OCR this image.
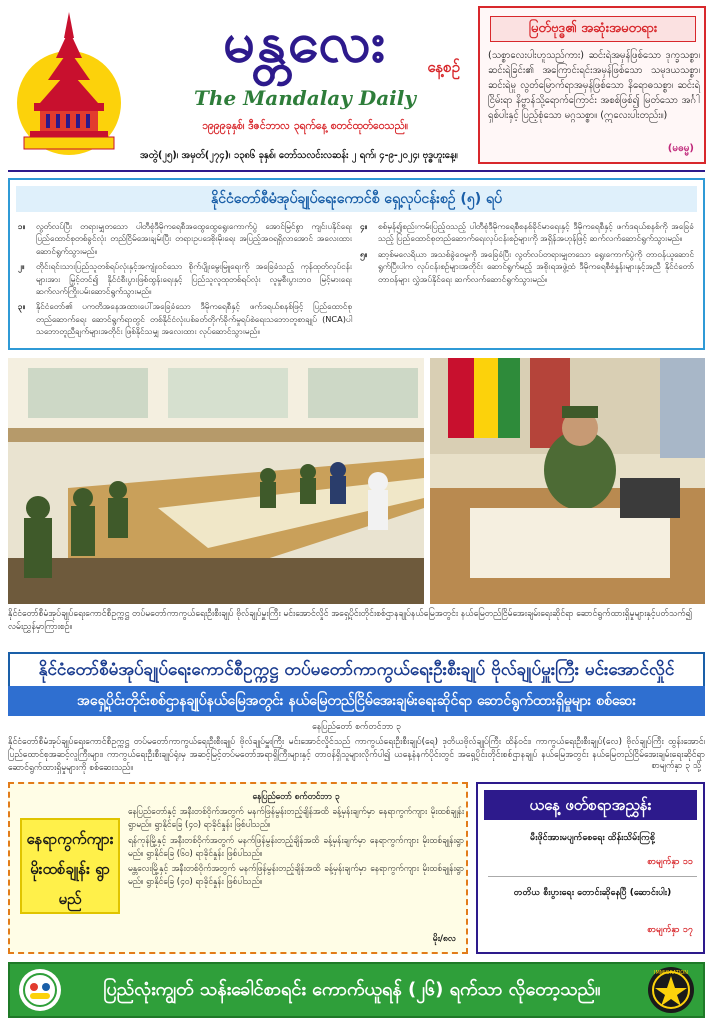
မန္တလေး	နေ့စဉ်
The Mandalay Daily
၁၉၉၉ခုနှစ်၊ ဒီဇင်ဘာလ ၃ရက်နေ့ စတင်ထုတ်ဝေသည်။
အတွဲ(၂၅)၊ အမှတ်(၂၇၄)၊ ၁၃၈၆ ခုနှစ်၊ တော်သလင်းလဆန်း ၂ ရက်၊ ၄-၉-၂၀၂၄၊ ဗုဒ္ဓဟူးနေ့။
မြတ်ဗုဒ္ဓ၏ အဆုံးအမတရား
(သစ္စာလေးပါးဟူသည်ကား) ဆင်းရဲအမှန်ဖြစ်သော ဒုက္ခသစ္စာ၊ ဆင်းရဲခြင်း၏ အကြောင်းရင်းအမှန်ဖြစ်သော သမုဒယသစ္စာ၊ ဆင်းရဲမှု လွတ်မြောက်ရာအမှန်ဖြစ်သော နိရောဓသစ္စာ၊ ဆင်းရဲငြိမ်းရာ နိဗ္ဗာန်သို့ရောက်ကြောင်း အစစ်ဖြစ်၍ မြတ်သော အင်္ဂါရှစ်ပါးနှင့် ပြည့်စုံသော မဂ္ဂသစ္စာ။ (ဣလေးပါးတည်း။)
(မဓမ္မ)
နိုင်ငံတော်စီမံအုပ်ချုပ်ရေးကောင်စီ ရှေ့လုပ်ငန်းစဉ် (၅) ရပ်
၁။	လွတ်လပ်ပြီး တရားမျှတသော ပါတီစုံဒီမိုကရေစီအထွေထွေရွေးကောက်ပွဲ အောင်မြင်စွာ ကျင်းပနိုင်ရေး ပြည်ထောင်စုတစ်ခွင်လုံး တည်ငြိမ်အေးချမ်းပြီး တရားဥပဒေစိုးမိုးရေး အပြည့်အဝရရှိလာအောင် အလေးထားဆောင်ရွက်သွားမည်။
၂။	တိုင်းရင်းသားပြည်သူတစ်ရပ်လုံးနှင့်အကျုံးဝင်သော စိုက်ပျိုးမွေးမြူရေးကို အခြေခံသည့် ကုန်ထုတ်လုပ်ငန်းများအား မြှင့်တင်၍ နိုင်ငံစီးပွားဖြစ်ထွန်းရေးနှင့် ပြည်သူလူထုတစ်ရပ်လုံး လူမှုစီးပွားဘဝ မြင့်မားရေး ဆက်လက်ကြိုးပမ်းဆောင်ရွက်သွားမည်။
၃။	နိုင်ငံတော်၏ ပကတိအနေအထားပေါ်အခြေခံသော ဒီမိုကရေစီနှင့် ဖက်ဒရယ်စနစ်ဖြင့် ပြည်ထောင်စုတည်ဆောက်ရေး ဆောင်ရွက်ရာတွင် တစ်နိုင်ငံလုံးပစ်ခတ်တိုက်ခိုက်မှုရပ်စဲရေးသဘောတူစာချုပ် (NCA)ပါ သဘောတူညီချက်များအတိုင်း ဖြစ်နိုင်သမျှ အလေးထား လုပ်ဆောင်သွားမည်။
၄။	စစ်မှန်၍စည်းကမ်းပြည့်ဝသည့် ပါတီစုံဒီမိုကရေစီစနစ်ခိုင်မာရေးနှင့် ဒီမိုကရေစီနှင့် ဖက်ဒရယ်စနစ်ကို အခြေခံသည့် ပြည်ထောင်စုတည်ဆောက်ရေးလုပ်ငန်းစဉ်များကို အရှိန်အဟုန်ဖြင့် ဆက်လက်ဆောင်ရွက်သွားမည်။
၅။	ဆာ့စ်မလေရိယာ အသစ်ခွဲဝေမှုကို အခြေခံပြီး လွတ်လပ်တရားမျှတသော ရွေးကောက်ပွဲကို တာဝန်ယူဆောင်ရွက်ပြီးပါက လုပ်ငန်းစဉ်များအတိုင်း ဆောင်ရွက်မည့် အစိုးရအဖွဲ့ထံ ဒီမိုကရေစီစံနှုန်းများနှင့်အညီ နိုင်ငံတော်တာဝန်များ လွှဲအပ်နိုင်ရေး ဆက်လက်ဆောင်ရွက်သွားမည်။
နိုင်ငံတော်စီမံအုပ်ချုပ်ရေးကောင်စီဥက္ကဋ္ဌ တပ်မတော်ကာကွယ်ရေးဦးစီးချုပ် ဗိုလ်ချုပ်မှူးကြီး မင်းအောင်လှိုင် အရှေ့ပိုင်းတိုင်းစစ်ဌာနချုပ်နယ်မြေအတွင်း နယ်မြေတည်ငြိမ်အေးချမ်းရေးဆိုင်ရာ ဆောင်ရွက်ထားရှိမှုများနှင့်ပတ်သက်၍ လမ်းညွှန်မှာကြားစဉ်။
နိုင်ငံတော်စီမံအုပ်ချုပ်ရေးကောင်စီဥက္ကဋ္ဌ တပ်မတော်ကာကွယ်ရေးဦးစီးချုပ် ဗိုလ်ချုပ်မှူးကြီး မင်းအောင်လှိုင်
အရှေ့ပိုင်းတိုင်းစစ်ဌာနချုပ်နယ်မြေအတွင်း နယ်မြေတည်ငြိမ်အေးချမ်းရေးဆိုင်ရာ ဆောင်ရွက်ထားရှိမှုများ စစ်ဆေး
နေပြည်တော် စက်တင်ဘာ ၃
နိုင်ငံတော်စီမံအုပ်ချုပ်ရေးကောင်စီဥက္ကဋ္ဌ တပ်မတော်ကာကွယ်ရေးဦးစီးချုပ် ဗိုလ်ချုပ်မှူးကြီး မင်းအောင်လှိုင်သည် ကာကွယ်ရေးဦးစီးချုပ်(ရေ) ဒုတိယဗိုလ်ချုပ်ကြီး ထိန်ဝင်း၊ ကာကွယ်ရေးဦးစီးချုပ်(လေ) ဗိုလ်ချုပ်ကြီး ထွန်းအောင်၊ ပြည်ထောင်စုအဆင့်လူကြီးများ၊ ကာကွယ်ရေးဦးစီးချုပ်ရုံးမှ အဆင့်မြင့်တပ်မတော်အရာရှိကြီးများနှင့် တာဝန်ရှိသူများလိုက်ပါ၍ ယနေ့နံနက်ပိုင်းတွင် အရှေ့ပိုင်းတိုင်းစစ်ဌာနချုပ် နယ်မြေအတွင်း နယ်မြေတည်ငြိမ်အေးချမ်းရေးဆိုင်ရာ ဆောင်ရွက်ထားရှိမှုများကို စစ်ဆေးသည်။	စာမျက်နှာ ၃ သို့
နေရာကွက်ကျား မိုးထစ်ချုန်း ရွာမည်
နေပြည်တော် စက်တင်ဘာ ၃

နေပြည်တော်နှင့် အနီးတစ်ဝိုက်အတွက် မနက်ဖြန်မွန်းတည့်ချိန်အထိ ခန့်မှန်းချက်မှာ နေရာကွက်ကျား မိုးထစ်ချုန်းရွာမည်။ ရွာနိုင်ခြေ (၄၀) ရာခိုင်နှုန်း ဖြစ်ပါသည်။

ရန်ကုန်မြို့နှင့် အနီးတစ်ဝိုက်အတွက် မနက်ဖြန်မွန်းတည့်ချိန်အထိ ခန့်မှန်းချက်မှာ နေရာကွက်ကျား မိုးထစ်ချုန်းရွာမည်။ ရွာနိုင်ခြေ (၆၀) ရာခိုင်နှုန်း ဖြစ်ပါသည်။

မန္တလေးမြို့နှင့် အနီးတစ်ဝိုက်အတွက် မနက်ဖြန်မွန်းတည့်ချိန်အထိ ခန့်မှန်းချက်မှာ နေရာကွက်ကျား မိုးထစ်ချုန်းရွာမည်။ ရွာနိုင်ခြေ (၄၀) ရာခိုင်နှုန်း ဖြစ်ပါသည်။

မိုး/၈လ
ယနေ့ ဖတ်စရာအညွှန်း
မီးဖိုင်အားမပျက်စေရေး ထိန်းသိမ်းကြစို့
စာမျက်နှာ ၁၁
တတိယ စီးပွားရေး တောင်းဆိုနေပြီ (ဆောင်းပါး)
စာမျက်နှာ ၁၇
ပြည်လုံးကျွတ် သန်းခေါင်စာရင်း ကောက်ယူရန် (၂၆) ရက်သာ လိုတော့သည်။
IMMIGRATION
